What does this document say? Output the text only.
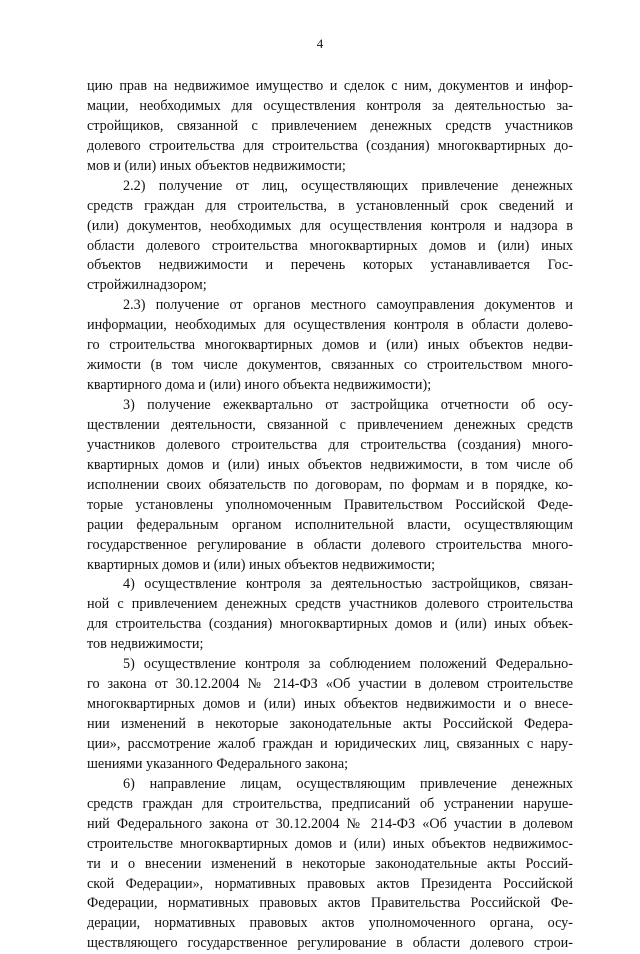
4
цию прав на недвижимое имущество и сделок с ним, документов и инфор-
мации, необходимых для осуществления контроля за деятельностью за-
стройщиков, связанной с привлечением денежных средств участников
долевого строительства для строительства (создания) многоквартирных до-
мов и (или) иных объектов недвижимости;
2.2) получение от лиц, осуществляющих привлечение денежных
средств граждан для строительства, в установленный срок сведений и
(или) документов, необходимых для осуществления контроля и надзора в
области долевого строительства многоквартирных домов и (или) иных
объектов недвижимости и перечень которых устанавливается Гос-
стройжилнадзором;
2.3) получение от органов местного самоуправления документов и
информации, необходимых для осуществления контроля в области долево-
го строительства многоквартирных домов и (или) иных объектов недви-
жимости (в том числе документов, связанных со строительством много-
квартирного дома и (или) иного объекта недвижимости);
3) получение ежеквартально от застройщика отчетности об осу-
ществлении деятельности, связанной с привлечением денежных средств
участников долевого строительства для строительства (создания) много-
квартирных домов и (или) иных объектов недвижимости, в том числе об
исполнении своих обязательств по договорам, по формам и в порядке, ко-
торые установлены уполномоченным Правительством Российской Феде-
рации федеральным органом исполнительной власти, осуществляющим
государственное регулирование в области долевого строительства много-
квартирных домов и (или) иных объектов недвижимости;
4) осуществление контроля за деятельностью застройщиков, связан-
ной с привлечением денежных средств участников долевого строительства
для строительства (создания) многоквартирных домов и (или) иных объек-
тов недвижимости;
5) осуществление контроля за соблюдением положений Федерально-
го закона от 30.12.2004 № 214-ФЗ «Об участии в долевом строительстве
многоквартирных домов и (или) иных объектов недвижимости и о внесе-
нии изменений в некоторые законодательные акты Российской Федера-
ции», рассмотрение жалоб граждан и юридических лиц, связанных с нару-
шениями указанного Федерального закона;
6) направление лицам, осуществляющим привлечение денежных
средств граждан для строительства, предписаний об устранении наруше-
ний Федерального закона от 30.12.2004 № 214-ФЗ «Об участии в долевом
строительстве многоквартирных домов и (или) иных объектов недвижимос-
ти и о внесении изменений в некоторые законодательные акты Россий-
ской Федерации», нормативных правовых актов Президента Российской
Федерации, нормативных правовых актов Правительства Российской Фе-
дерации, нормативных правовых актов уполномоченного органа, осу-
ществляющего государственное регулирование в области долевого строи-
